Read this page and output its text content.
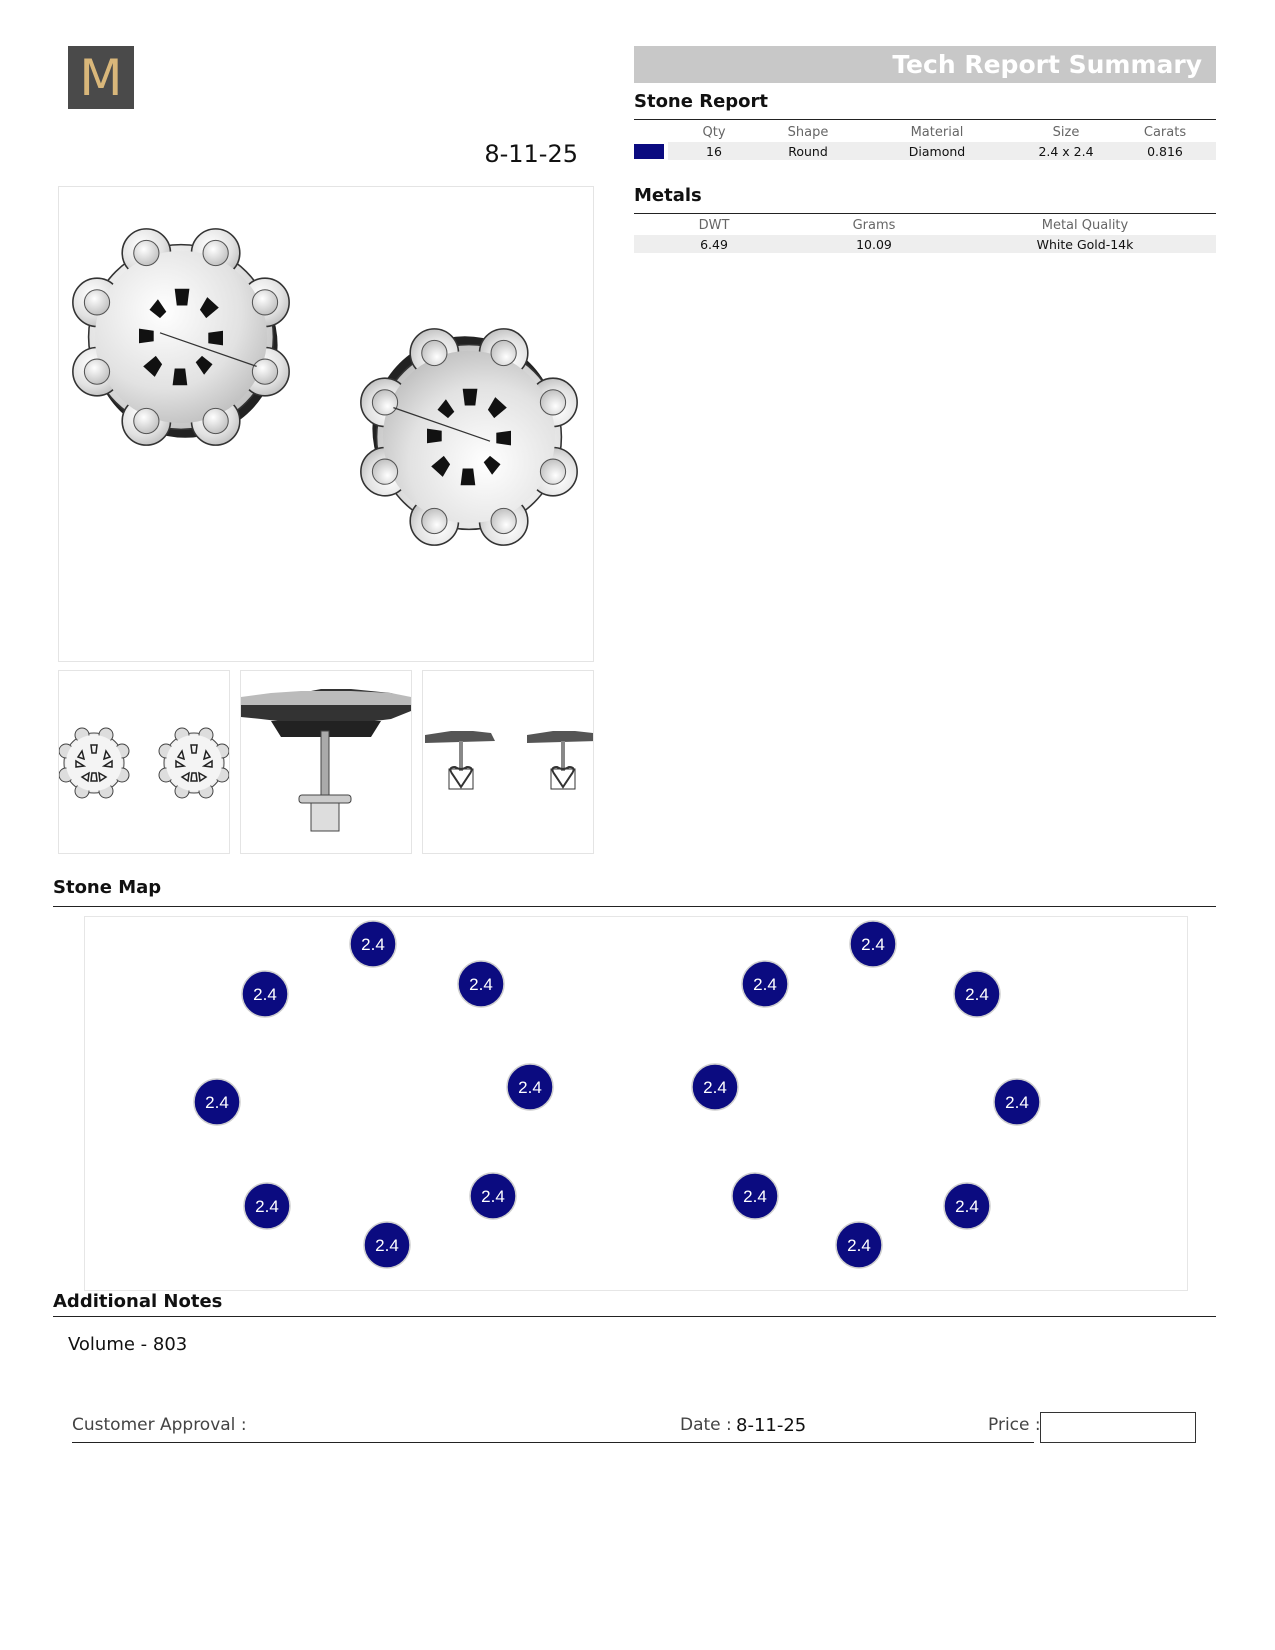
M
8-11-25
Tech Report Summary
Stone Report
	Qty	Shape	Material	Size	Carats
	16	Round	Diamond	2.4 x 2.4	0.816
Metals
DWT	Grams	Metal Quality
6.49	10.09	White Gold-14k
Stone Map
2.4
2.4
2.4
2.4
2.4
2.4
2.4
2.4
2.4
2.4
2.4
2.4
2.4
2.4
2.4
2.4
Additional Notes
Volume - 803
Customer Approval :	Date : 8-11-25	Price :
